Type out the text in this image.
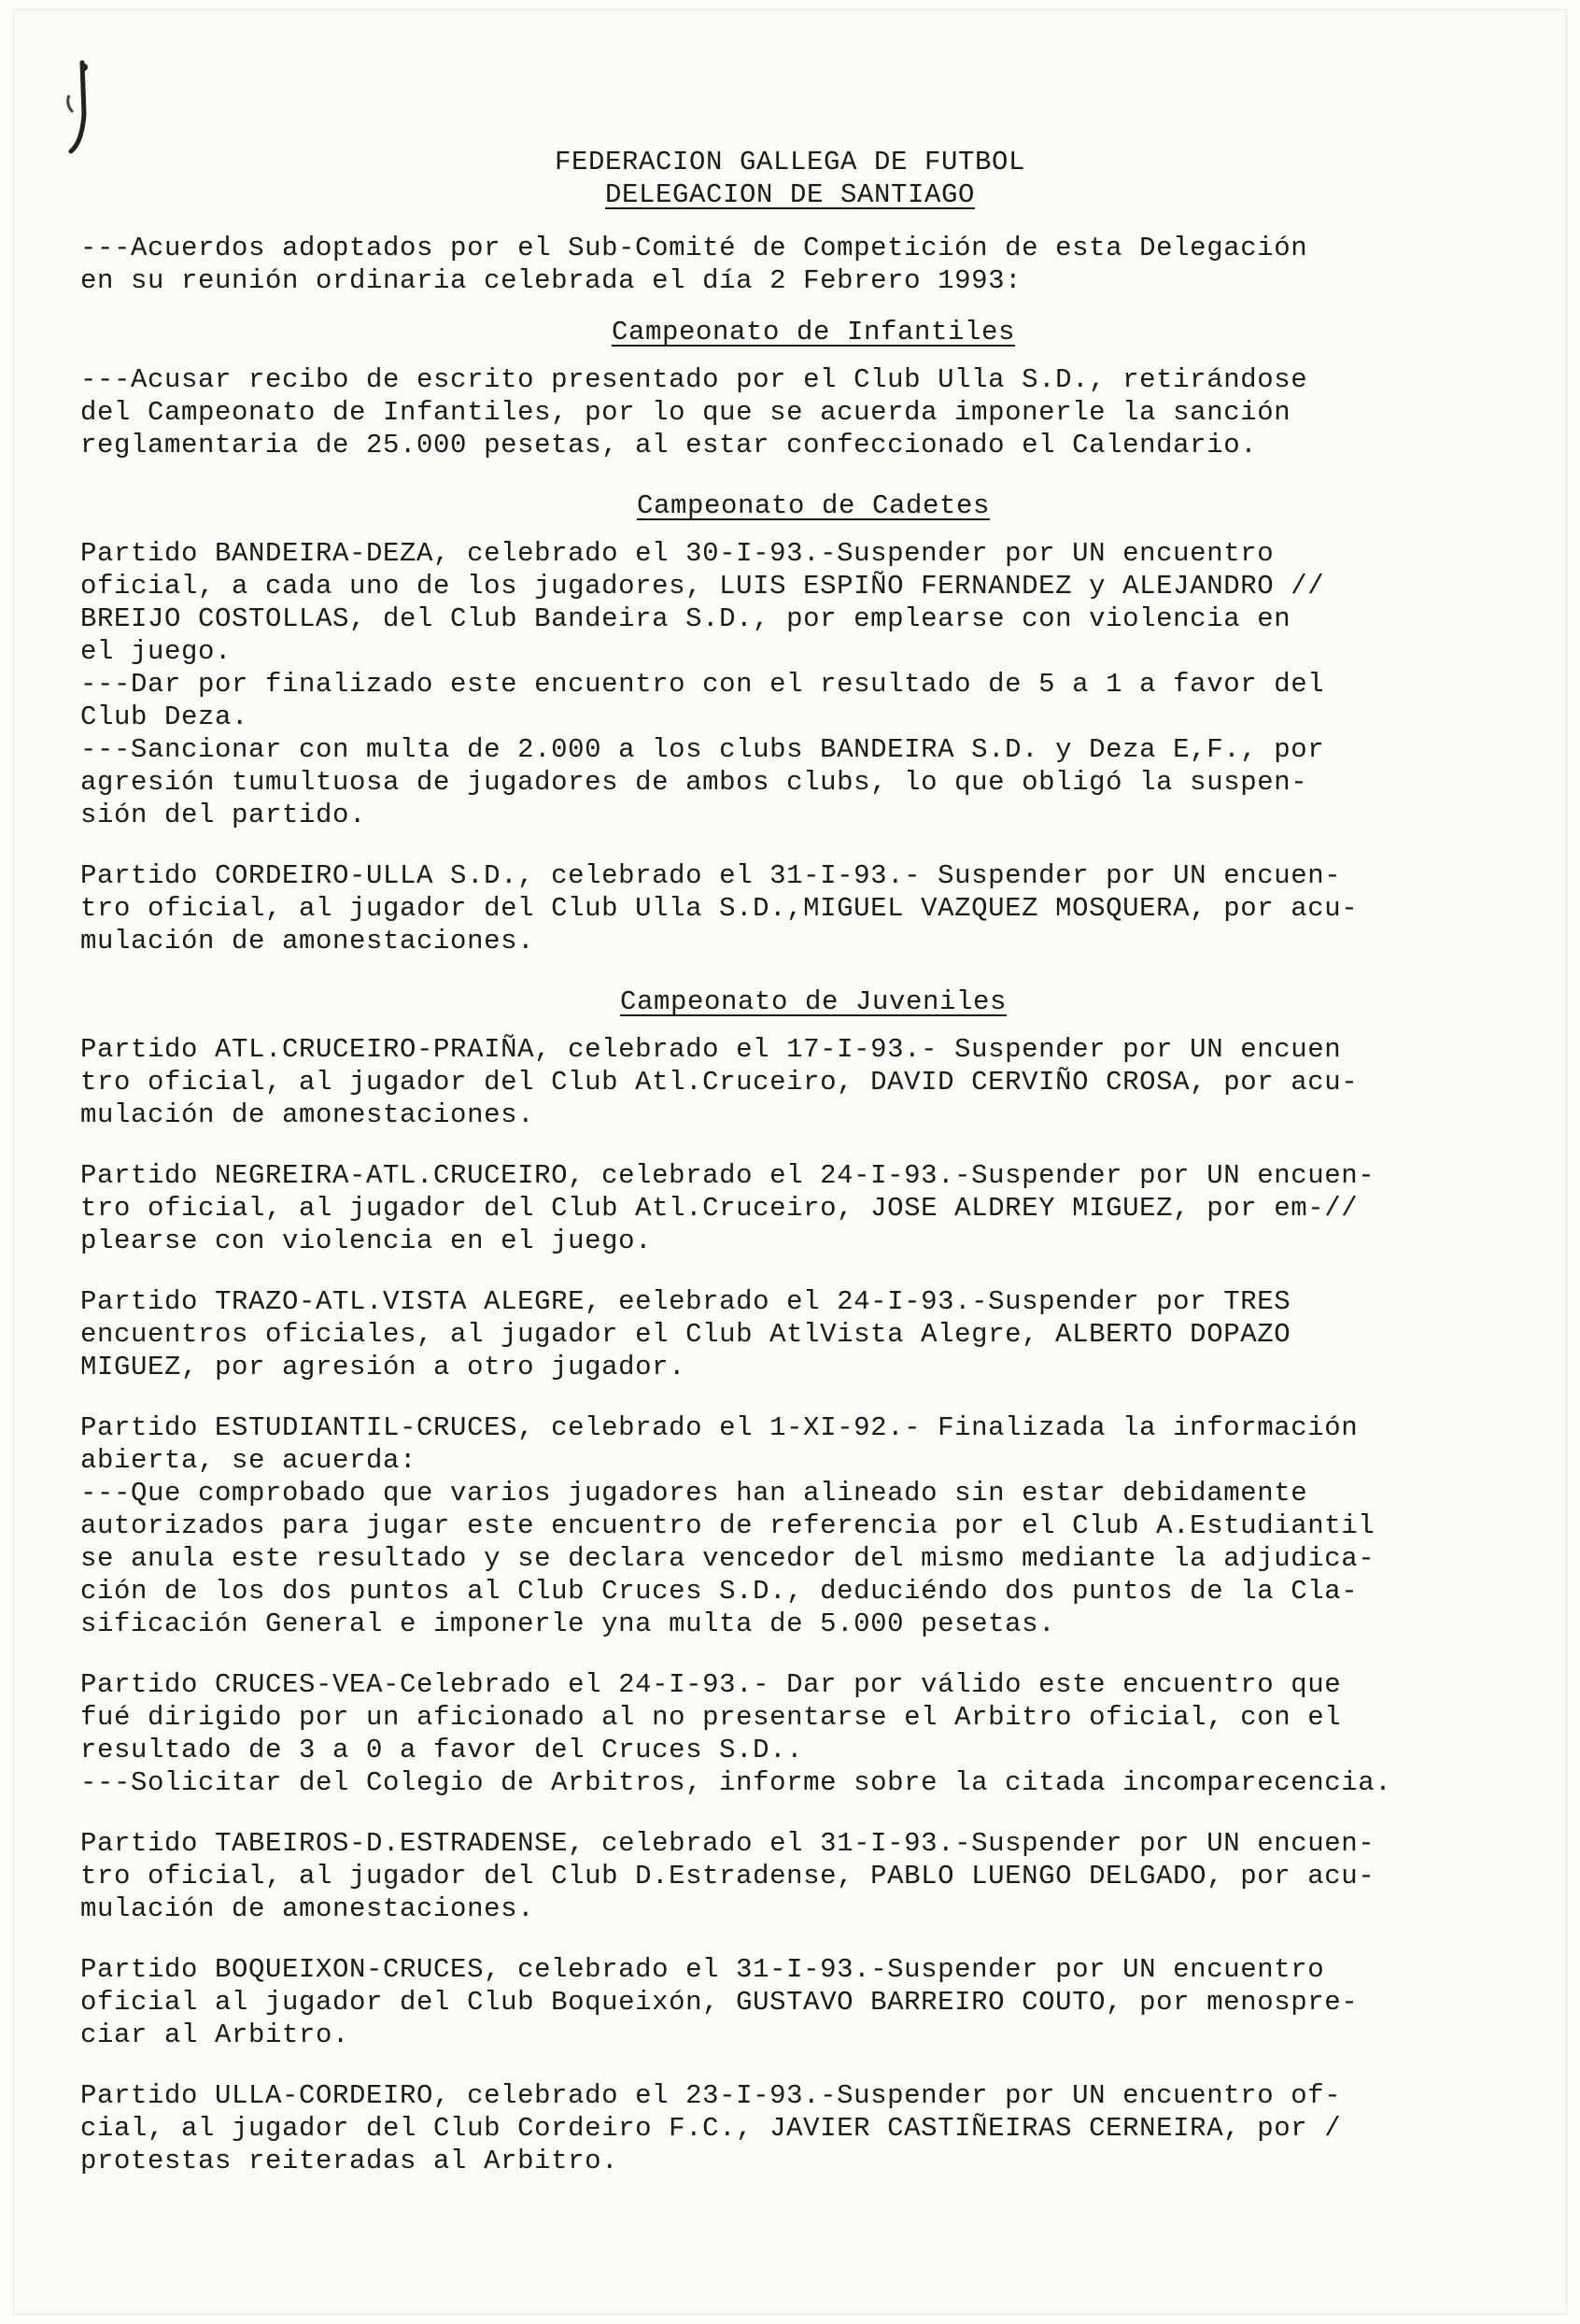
FEDERACION GALLEGA DE FUTBOL
DELEGACION DE SANTIAGO
---Acuerdos adoptados por el Sub-Comité de Competición de esta Delegación
en su reunión ordinaria celebrada el día 2 Febrero 1993:
Campeonato de Infantiles
---Acusar recibo de escrito presentado por el Club Ulla S.D., retirándose
del Campeonato de Infantiles, por lo que se acuerda imponerle la sanción
reglamentaria de 25.000 pesetas, al estar confeccionado el Calendario.
Campeonato de Cadetes
Partido BANDEIRA-DEZA, celebrado el 30-I-93.-Suspender por UN encuentro
oficial, a cada uno de los jugadores, LUIS ESPIÑO FERNANDEZ y ALEJANDRO //
BREIJO COSTOLLAS, del Club Bandeira S.D., por emplearse con violencia en
el juego.
---Dar por finalizado este encuentro con el resultado de 5 a 1 a favor del
Club Deza.
---Sancionar con multa de 2.000 a los clubs BANDEIRA S.D. y Deza E,F., por
agresión tumultuosa de jugadores de ambos clubs, lo que obligó la suspen-
sión del partido.
Partido CORDEIRO-ULLA S.D., celebrado el 31-I-93.- Suspender por UN encuen-
tro oficial, al jugador del Club Ulla S.D.,MIGUEL VAZQUEZ MOSQUERA, por acu-
mulación de amonestaciones.
Campeonato de Juveniles
Partido ATL.CRUCEIRO-PRAIÑA, celebrado el 17-I-93.- Suspender por UN encuen
tro oficial, al jugador del Club Atl.Cruceiro, DAVID CERVIÑO CROSA, por acu-
mulación de amonestaciones.
Partido NEGREIRA-ATL.CRUCEIRO, celebrado el 24-I-93.-Suspender por UN encuen-
tro oficial, al jugador del Club Atl.Cruceiro, JOSE ALDREY MIGUEZ, por em-//
plearse con violencia en el juego.
Partido TRAZO-ATL.VISTA ALEGRE, eelebrado el 24-I-93.-Suspender por TRES
encuentros oficiales, al jugador el Club AtlVista Alegre, ALBERTO DOPAZO
MIGUEZ, por agresión a otro jugador.
Partido ESTUDIANTIL-CRUCES, celebrado el 1-XI-92.- Finalizada la información
abierta, se acuerda:
---Que comprobado que varios jugadores han alineado sin estar debidamente
autorizados para jugar este encuentro de referencia por el Club A.Estudiantil
se anula este resultado y se declara vencedor del mismo mediante la adjudica-
ción de los dos puntos al Club Cruces S.D., deduciéndo dos puntos de la Cla-
sificación General e imponerle yna multa de 5.000 pesetas.
Partido CRUCES-VEA-Celebrado el 24-I-93.- Dar por válido este encuentro que
fué dirigido por un aficionado al no presentarse el Arbitro oficial, con el
resultado de 3 a 0 a favor del Cruces S.D..
---Solicitar del Colegio de Arbitros, informe sobre la citada incomparecencia.
Partido TABEIROS-D.ESTRADENSE, celebrado el 31-I-93.-Suspender por UN encuen-
tro oficial, al jugador del Club D.Estradense, PABLO LUENGO DELGADO, por acu-
mulación de amonestaciones.
Partido BOQUEIXON-CRUCES, celebrado el 31-I-93.-Suspender por UN encuentro
oficial al jugador del Club Boqueixón, GUSTAVO BARREIRO COUTO, por menospre-
ciar al Arbitro.
Partido ULLA-CORDEIRO, celebrado el 23-I-93.-Suspender por UN encuentro of-
cial, al jugador del Club Cordeiro F.C., JAVIER CASTIÑEIRAS CERNEIRA, por /
protestas reiteradas al Arbitro.
